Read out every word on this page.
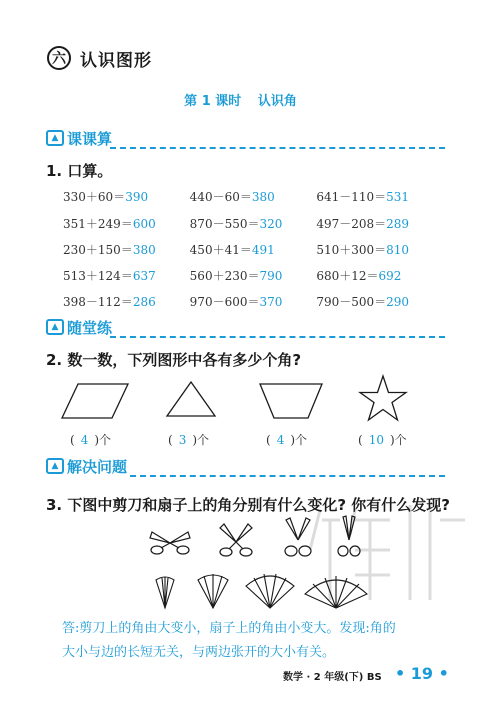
六 认识图形
第 1 课时 认识角
▲ 课课算
1. 口算。
330＋60＝390	440－60＝380	641－110＝531
351＋249＝600	870－550＝320	497－208＝289
230＋150＝380	450＋41＝491	510＋300＝810
513＋124＝637	560＋230＝790	680＋12＝692
398－112＝286	970－600＝370	790－500＝290
▲ 随堂练
2. 数一数，下列图形中各有多少个角?
( 4 )个	( 3 )个	( 4 )个	( 10 )个
▲ 解决问题
3. 下图中剪刀和扇子上的角分别有什么变化? 你有什么发现?
答:剪刀上的角由大变小，扇子上的角由小变大。发现:角的
大小与边的长短无关，与两边张开的大小有关。
数学 · 2 年级(下) BS • 19 •
